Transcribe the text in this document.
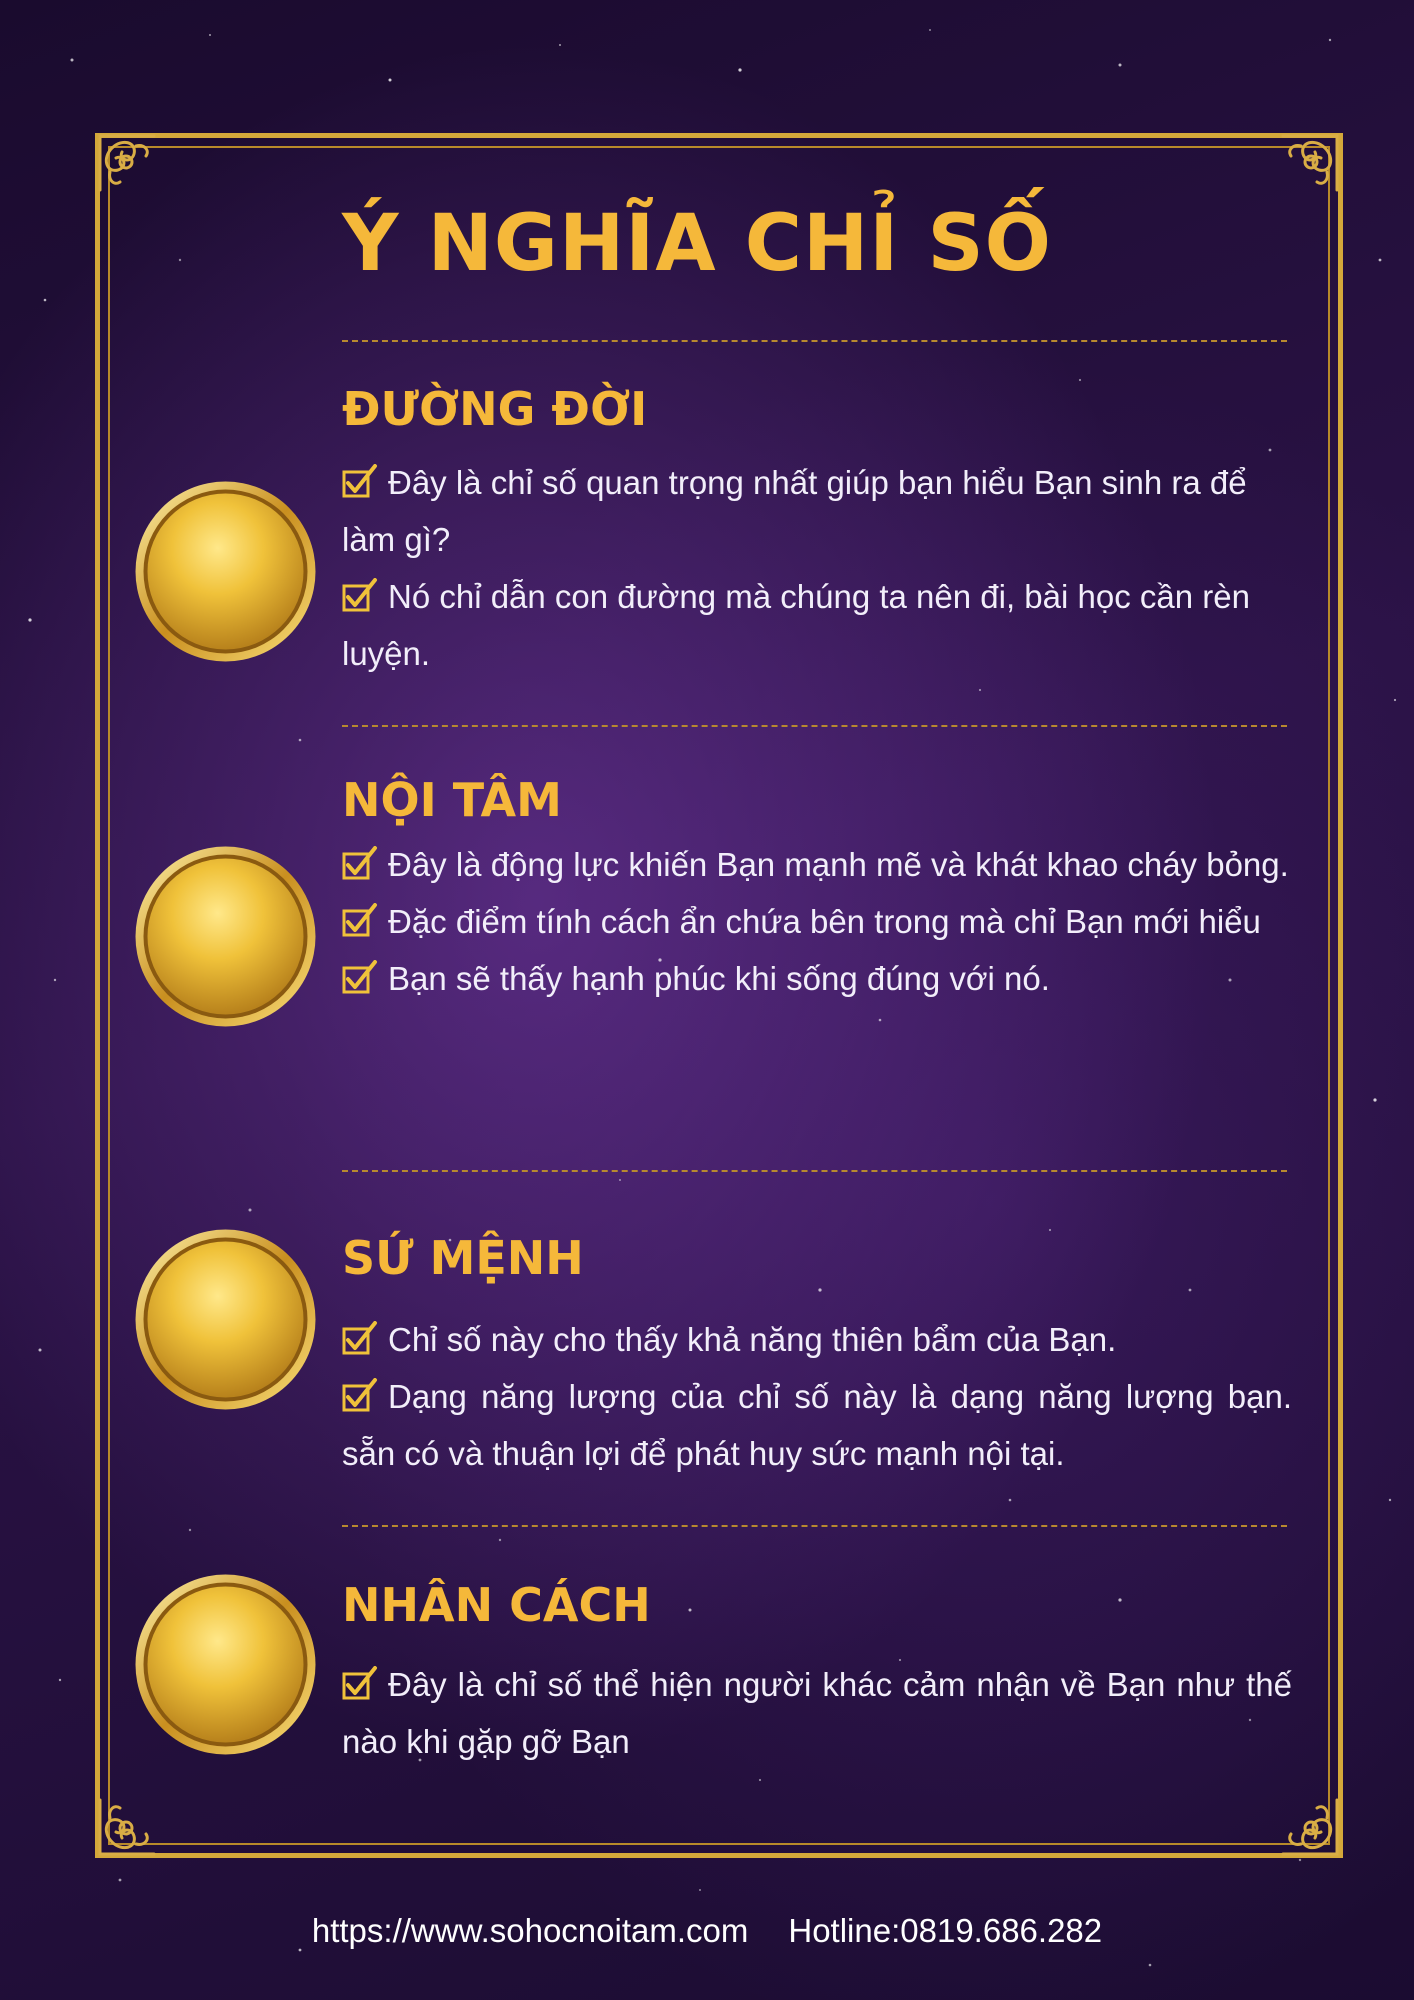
Ý NGHĨA CHỈ SỐ
ĐƯỜNG ĐỜI

Đây là chỉ số quan trọng nhất giúp bạn hiểu Bạn sinh ra để làm gì?

Nó chỉ dẫn con đường mà chúng ta nên đi, bài học cần rèn luyện.

NỘI TÂM

Đây là động lực khiến Bạn mạnh mẽ và khát khao cháy bỏng.

Đặc điểm tính cách ẩn chứa bên trong mà chỉ Bạn mới hiểu

Bạn sẽ thấy hạnh phúc khi sống đúng với nó.

SỨ MỆNH

Chỉ số này cho thấy khả năng thiên bẩm của Bạn.

Dạng năng lượng của chỉ số này là dạng năng lượng bạn. sẵn có và thuận lợi để phát huy sức mạnh nội tại.

NHÂN CÁCH

Đây là chỉ số thể hiện người khác cảm nhận về Bạn như thế nào khi gặp gỡ Bạn

https://www.sohocnoitam.com Hotline:0819.686.282
